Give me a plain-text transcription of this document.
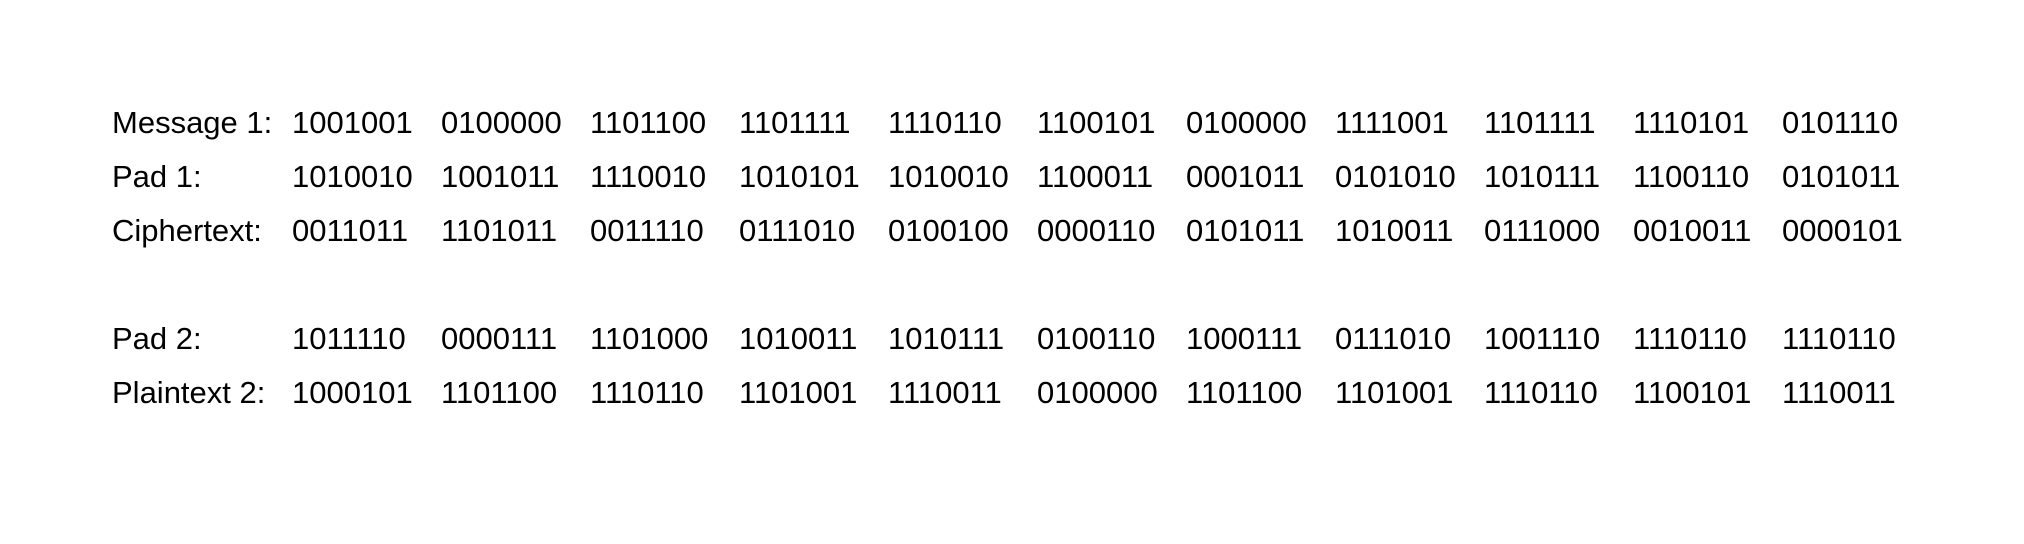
Message 1: 1001001 0100000 1101100	1101111	1110110	1100101 0100000 1111001	1101111	1110101	0101110
Pad 1:	1010010 1001011 1110010	1010101 1010010 1100011	0001011 0101010 1010111	1100110	0101011
Ciphertext: 0011011	1101011	0011110	0111010	0100100 0000110 0101011 1010011 0111000	0010011 0000101
Pad 2:	1011110	0000111	1101000 1010011 1010111	0100110 1000111	0111010	1001110	1110110	1110110
Plaintext 2: 1000101 1101100	1110110	1101001 1110011	0100000 1101100	1101001 1110110	1100101 1110011
